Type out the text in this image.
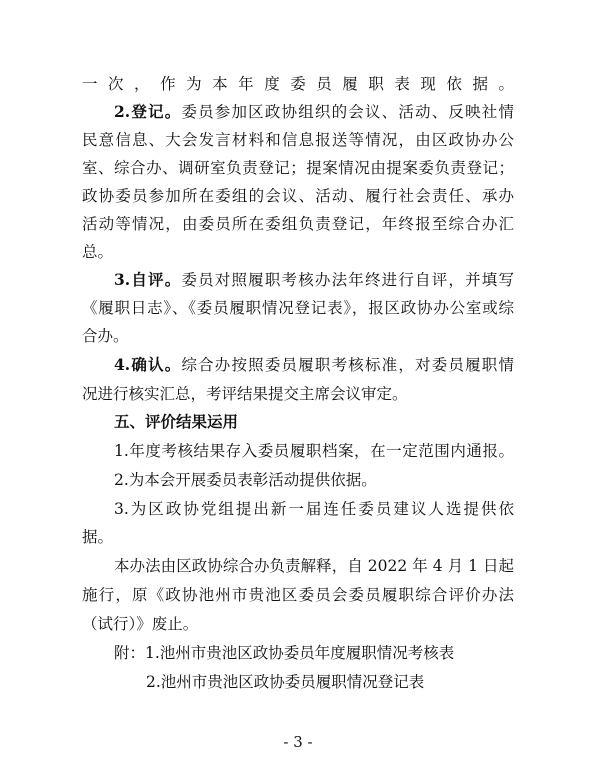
一次，作为本年度委员履职表现依据。
2.登记。委员参加区政协组织的会议、活动、反映社情
民意信息、大会发言材料和信息报送等情况，由区政协办公
室、综合办、调研室负责登记；提案情况由提案委负责登记；
政协委员参加所在委组的会议、活动、履行社会责任、承办
活动等情况，由委员所在委组负责登记，年终报至综合办汇
总。
3.自评。委员对照履职考核办法年终进行自评，并填写
《履职日志》、《委员履职情况登记表》，报区政协办公室或综
合办。
4.确认。综合办按照委员履职考核标准，对委员履职情
况进行核实汇总，考评结果提交主席会议审定。
五、评价结果运用
1.年度考核结果存入委员履职档案，在一定范围内通报。
2.为本会开展委员表彰活动提供依据。
3.为区政协党组提出新一届连任委员建议人选提供依
据。
本办法由区政协综合办负责解释，自 2022 年 4 月 1 日起
施行，原《政协池州市贵池区委员会委员履职综合评价办法
（试行）》废止。
附：1.池州市贵池区政协委员年度履职情况考核表
2.池州市贵池区政协委员履职情况登记表
- 3 -
